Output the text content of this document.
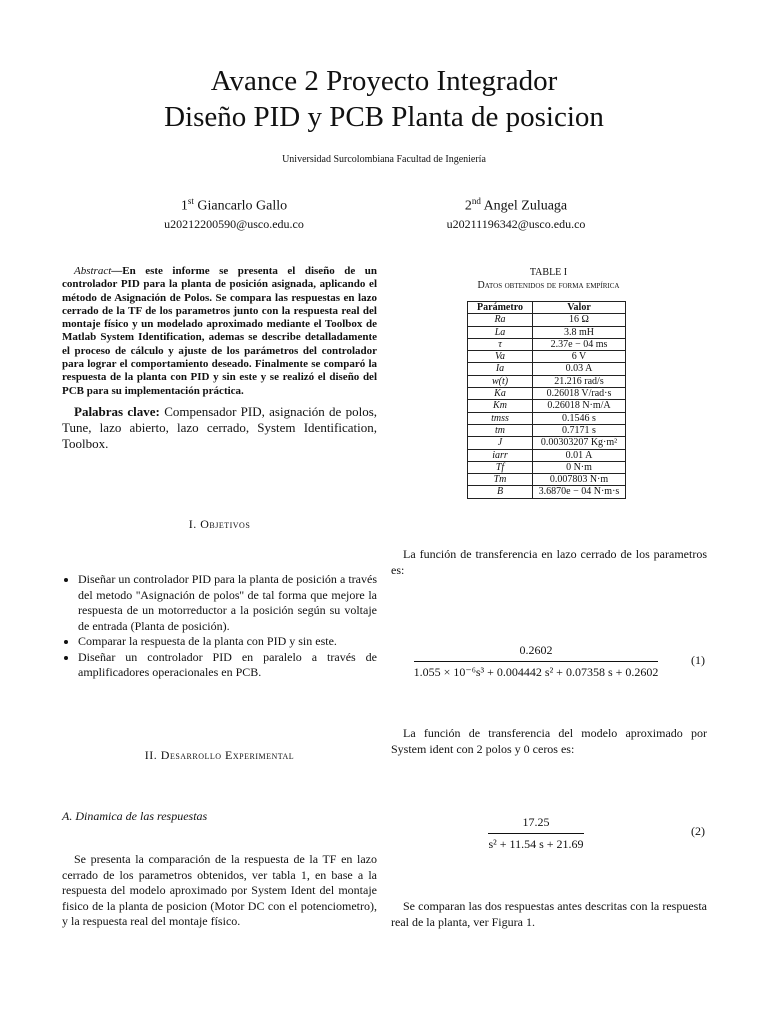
Avance 2 Proyecto Integrador
Diseño PID y PCB Planta de posicion
Universidad Surcolombiana Facultad de Ingeniería
1st Giancarlo Gallo
u20212200590@usco.edu.co
2nd Angel Zuluaga
u20211196342@usco.edu.co
Abstract—En este informe se presenta el diseño de un controlador PID para la planta de posición asignada, aplicando el método de Asignación de Polos. Se compara las respuestas en lazo cerrado de la TF de los parametros junto con la respuesta real del montaje físico y un modelado aproximado mediante el Toolbox de Matlab System Identification, ademas se describe detalladamente el proceso de cálculo y ajuste de los parámetros del controlador para lograr el comportamiento deseado. Finalmente se comparó la respuesta de la planta con PID y sin este y se realizó el diseño del PCB para su implementación práctica.
Palabras clave: Compensador PID, asignación de polos, Tune, lazo abierto, lazo cerrado, System Identification, Toolbox.
I. Objetivos
• Diseñar un controlador PID para la planta de posición a través del metodo ''Asignación de polos'' de tal forma que mejore la respuesta de un motorreductor a la posición según su voltaje de entrada (Planta de posición).
• Comparar la respuesta de la planta con PID y sin este.
• Diseñar un controlador PID en paralelo a través de amplificadores operacionales en PCB.
II. Desarrollo Experimental
A. Dinamica de las respuestas
Se presenta la comparación de la respuesta de la TF en lazo cerrado de los parametros obtenidos, ver tabla 1, en base a la respuesta del modelo aproximado por System Ident del montaje fisico de la planta de posicion (Motor DC con el potenciometro), y la respuesta real del montaje físico.
TABLE I
Datos obtenidos de forma empírica
Parámetro	Valor
Ra	16 Ω
La	3.8 mH
τ	2.37e − 04 ms
Va	6 V
Ia	0.03 A
w(t)	21.216 rad/s
Ka	0.26018 V/rad·s
Km	0.26018 N·m/A
tmss	0.1546 s
tm	0.7171 s
J	0.00303207 Kg·m²
iarr	0.01 A
Tf	0 N·m
Tm	0.007803 N·m
B	3.6870e − 04 N·m·s
La función de transferencia en lazo cerrado de los parametros es:
$\frac{0.2602}{\text{1.055 × 10⁻⁶s³ + 0.004442 s² + 0.07358 s + 0.2602}}$	(1)
La función de transferencia del modelo aproximado por System ident con 2 polos y 0 ceros es:
$\frac{17.25}{\text{s² + 11.54 s + 21.69}}$	(2)
Se comparan las dos respuestas antes descritas con la respuesta real de la planta, ver Figura 1.
